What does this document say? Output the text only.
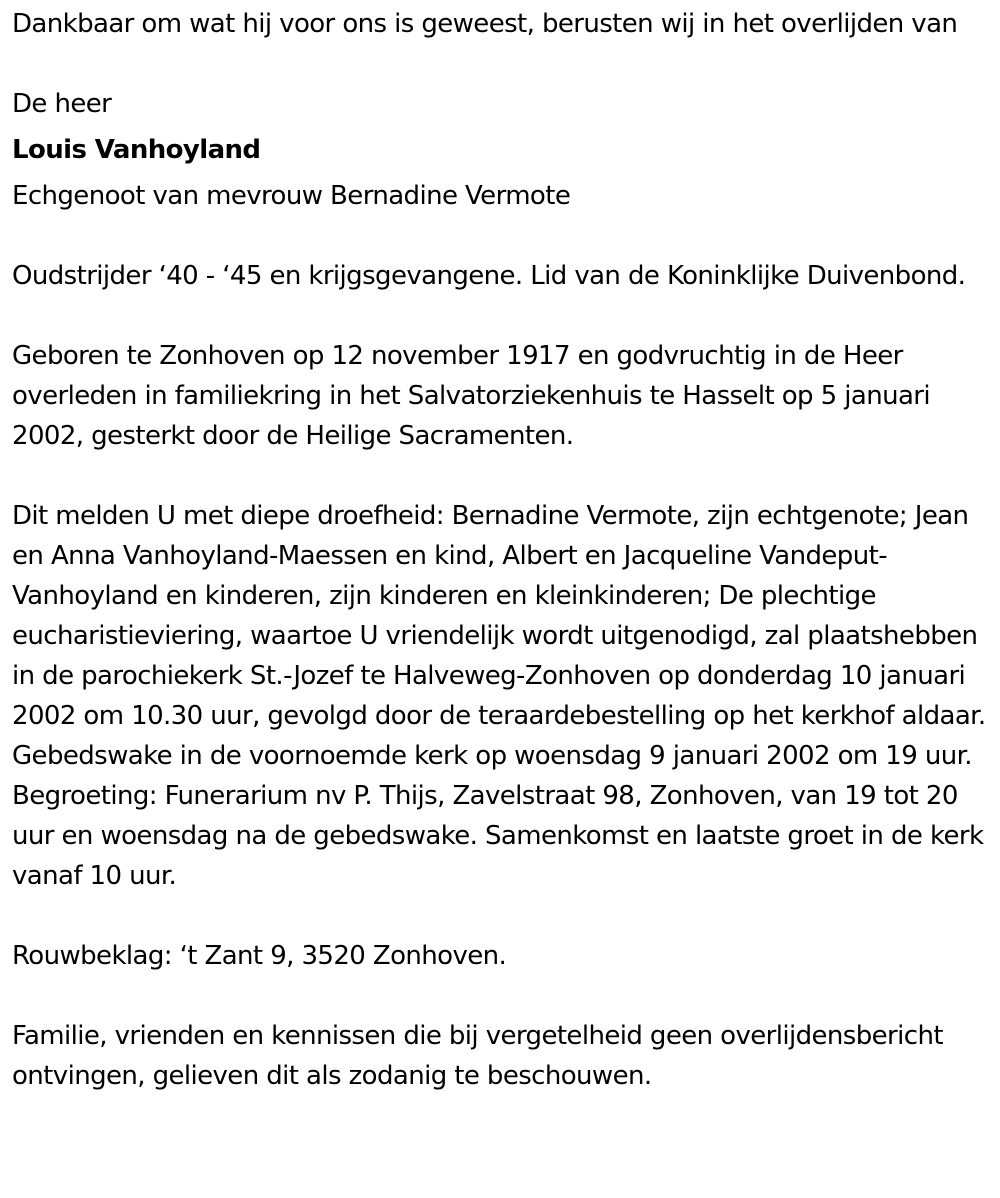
Dankbaar om wat hij voor ons is geweest, berusten wij in het overlijden van

De heer

Louis Vanhoyland

Echgenoot van mevrouw Bernadine Vermote

Oudstrijder ‘40 - ‘45 en krijgsgevangene. Lid van de Koninklijke Duivenbond.

Geboren te Zonhoven op 12 november 1917 en godvruchtig in de Heer overleden in familiekring in het Salvatorziekenhuis te Hasselt op 5 januari 2002, gesterkt door de Heilige Sacramenten.

Dit melden U met diepe droefheid: Bernadine Vermote, zijn echtgenote; Jean en Anna Vanhoyland-Maessen en kind, Albert en Jacqueline Vandeput-Vanhoyland en kinderen, zijn kinderen en kleinkinderen; De plechtige eucharistieviering, waartoe U vriendelijk wordt uitgenodigd, zal plaatshebben in de parochiekerk St.-Jozef te Halveweg-Zonhoven op donderdag 10 januari 2002 om 10.30 uur, gevolgd door de teraardebestelling op het kerkhof aldaar. Gebedswake in de voornoemde kerk op woensdag 9 januari 2002 om 19 uur. Begroeting: Funerarium nv P. Thijs, Zavelstraat 98, Zonhoven, van 19 tot 20 uur en woensdag na de gebedswake. Samenkomst en laatste groet in de kerk vanaf 10 uur.

Rouwbeklag: ‘t Zant 9, 3520 Zonhoven.

Familie, vrienden en kennissen die bij vergetelheid geen overlijdensbericht ontvingen, gelieven dit als zodanig te beschouwen.
